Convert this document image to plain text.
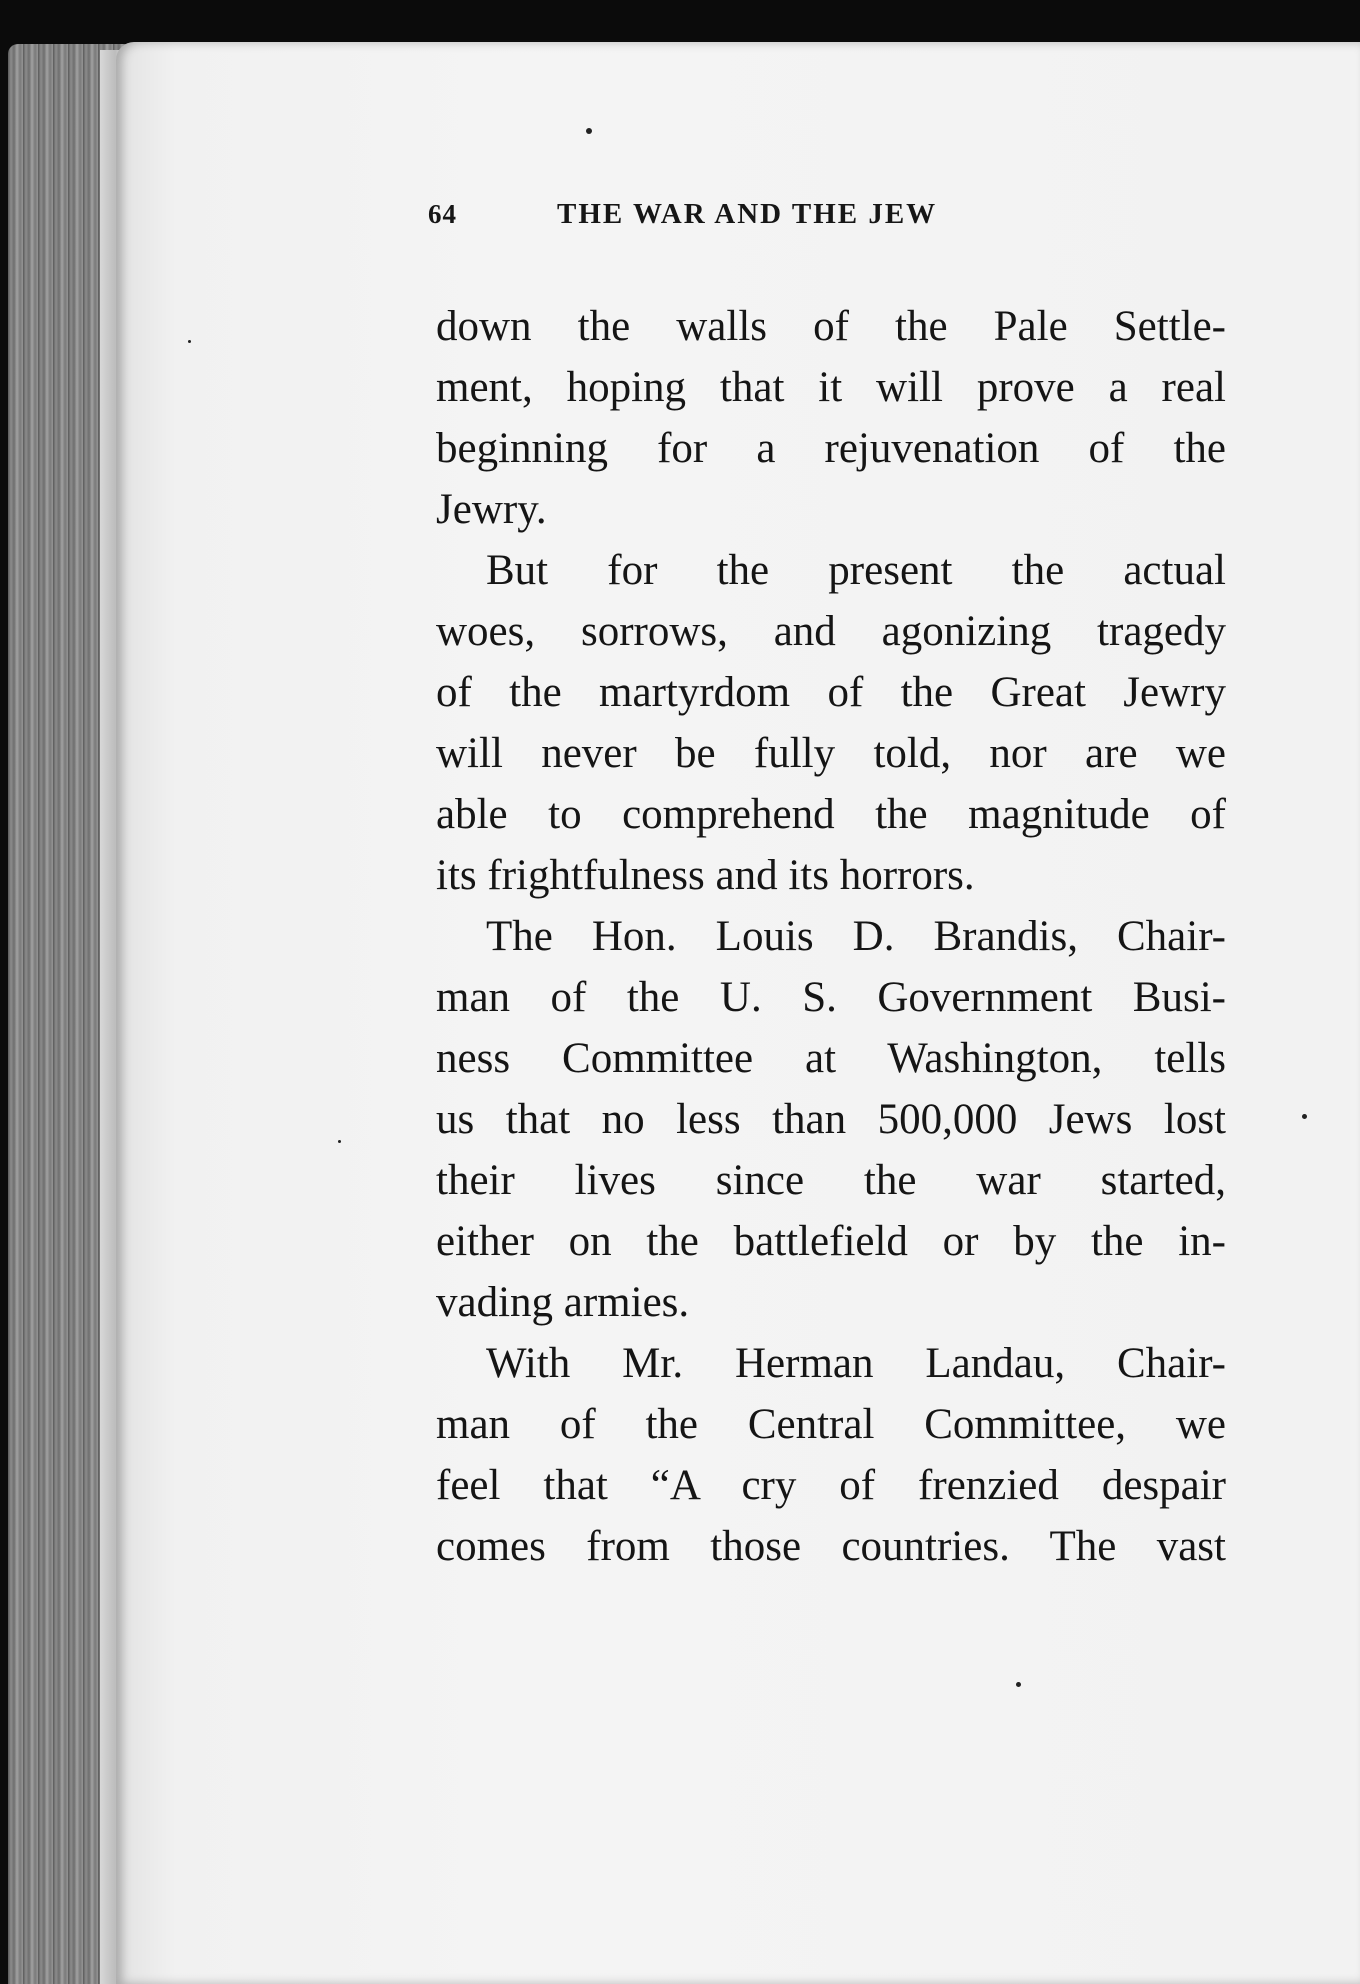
64	THE WAR AND THE JEW
down the walls of the Pale Settle-
ment, hoping that it will prove a real
beginning for a rejuvenation of the
Jewry.
But for the present the actual
woes, sorrows, and agonizing tragedy
of the martyrdom of the Great Jewry
will never be fully told, nor are we
able to comprehend the magnitude of
its frightfulness and its horrors.
The Hon. Louis D. Brandis, Chair-
man of the U. S. Government Busi-
ness Committee at Washington, tells
us that no less than 500,000 Jews lost
their lives since the war started,
either on the battlefield or by the in-
vading armies.
With Mr. Herman Landau, Chair-
man of the Central Committee, we
feel that “A cry of frenzied despair
comes from those countries. The vast
